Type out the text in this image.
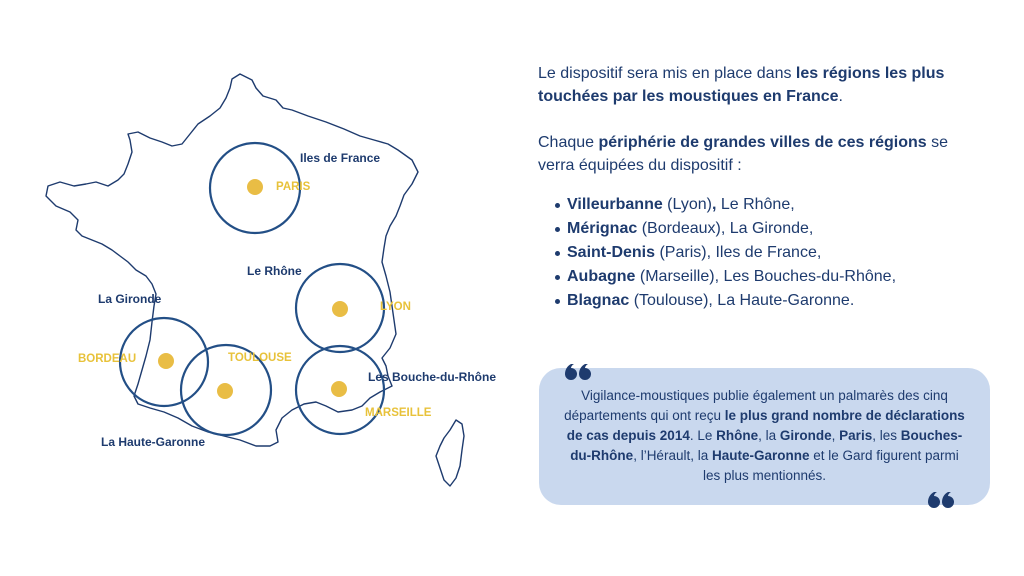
Iles de France
Le Rhône
La Gironde
Les Bouche-du-Rhône
La Haute-Garonne
PARIS
LYON
BORDEAU	TOULOUSE
MARSEILLE

Le dispositif sera mis en place dans les régions les plus touchées par les moustiques en France.

Chaque périphérie de grandes villes de ces régions se verra équipées du dispositif :

Villeurbanne (Lyon), Le Rhône,
Mérignac (Bordeaux), La Gironde,
Saint-Denis (Paris), Iles de France,
Aubagne (Marseille), Les Bouches-du-Rhône,
Blagnac (Toulouse), La Haute-Garonne.
Vigilance-moustiques publie également un palmarès des cinq départements qui ont reçu le plus grand nombre de déclarations de cas depuis 2014. Le Rhône, la Gironde, Paris, les Bouches-du-Rhône, l’Hérault, la Haute-Garonne et le Gard figurent parmi les plus mentionnés.
